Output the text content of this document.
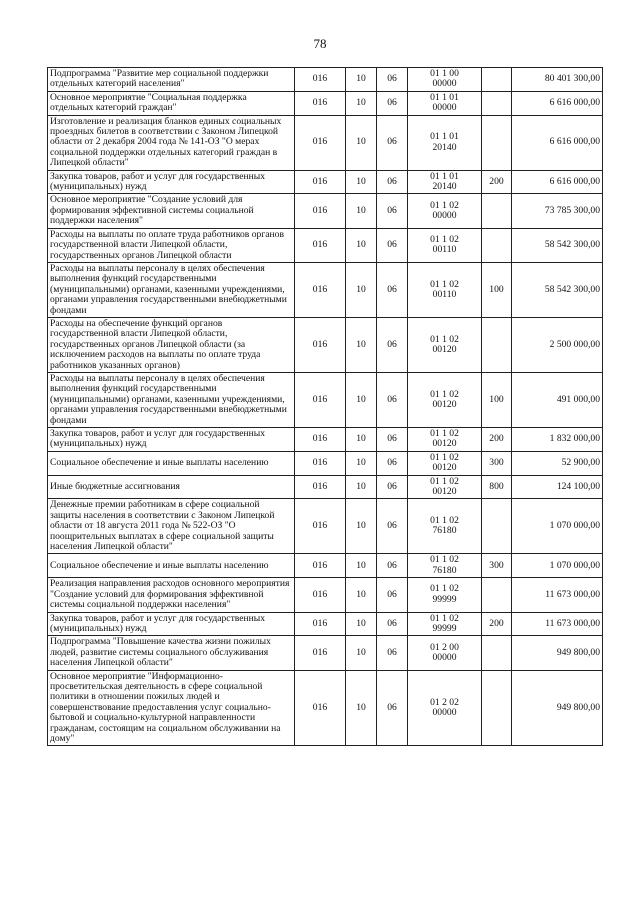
78
Подпрограмма "Развитие мер социальной поддержки отдельных категорий населения"	016	10	06	01 1 00
00000		80 401 300,00
Основное мероприятие "Социальная поддержка отдельных категорий граждан"	016	10	06	01 1 01
00000		6 616 000,00
Изготовление и реализация бланков единых социальных проездных билетов в соответствии с Законом Липецкой области от 2 декабря 2004 года № 141-ОЗ "О мерах социальной поддержки отдельных категорий граждан в Липецкой области"	016	10	06	01 1 01
20140		6 616 000,00
Закупка товаров, работ и услуг для государственных (муниципальных) нужд	016	10	06	01 1 01
20140	200	6 616 000,00
Основное мероприятие "Создание условий для формирования эффективной системы социальной поддержки населения"	016	10	06	01 1 02
00000		73 785 300,00
Расходы на выплаты по оплате труда работников органов государственной власти Липецкой области, государственных органов Липецкой области	016	10	06	01 1 02
00110		58 542 300,00
Расходы на выплаты персоналу в целях обеспечения выполнения функций государственными (муниципальными) органами, казенными учреждениями, органами управления государственными внебюджетными фондами	016	10	06	01 1 02
00110	100	58 542 300,00
Расходы на обеспечение функций органов государственной власти Липецкой области, государственных органов Липецкой области (за исключением расходов на выплаты по оплате труда работников указанных органов)	016	10	06	01 1 02
00120		2 500 000,00
Расходы на выплаты персоналу в целях обеспечения выполнения функций государственными (муниципальными) органами, казенными учреждениями, органами управления государственными внебюджетными фондами	016	10	06	01 1 02
00120	100	491 000,00
Закупка товаров, работ и услуг для государственных (муниципальных) нужд	016	10	06	01 1 02
00120	200	1 832 000,00
Социальное обеспечение и иные выплаты населению	016	10	06	01 1 02
00120	300	52 900,00
Иные бюджетные ассигнования	016	10	06	01 1 02
00120	800	124 100,00
Денежные премии работникам в сфере социальной защиты населения в соответствии с Законом Липецкой области от 18 августа 2011 года № 522-ОЗ "О поощрительных выплатах в сфере социальной защиты населения Липецкой области"	016	10	06	01 1 02
76180		1 070 000,00
Социальное обеспечение и иные выплаты населению	016	10	06	01 1 02
76180	300	1 070 000,00
Реализация направления расходов основного мероприятия "Создание условий для формирования эффективной системы социальной поддержки населения"	016	10	06	01 1 02
99999		11 673 000,00
Закупка товаров, работ и услуг для государственных (муниципальных) нужд	016	10	06	01 1 02
99999	200	11 673 000,00
Подпрограмма "Повышение качества жизни пожилых людей, развитие системы социального обслуживания населения Липецкой области"	016	10	06	01 2 00
00000		949 800,00
Основное мероприятие "Информационно-просветительская деятельность в сфере социальной политики в отношении пожилых людей и совершенствование предоставления услуг социально-бытовой и социально-культурной направленности гражданам, состоящим на социальном обслуживании на дому"	016	10	06	01 2 02
00000		949 800,00
